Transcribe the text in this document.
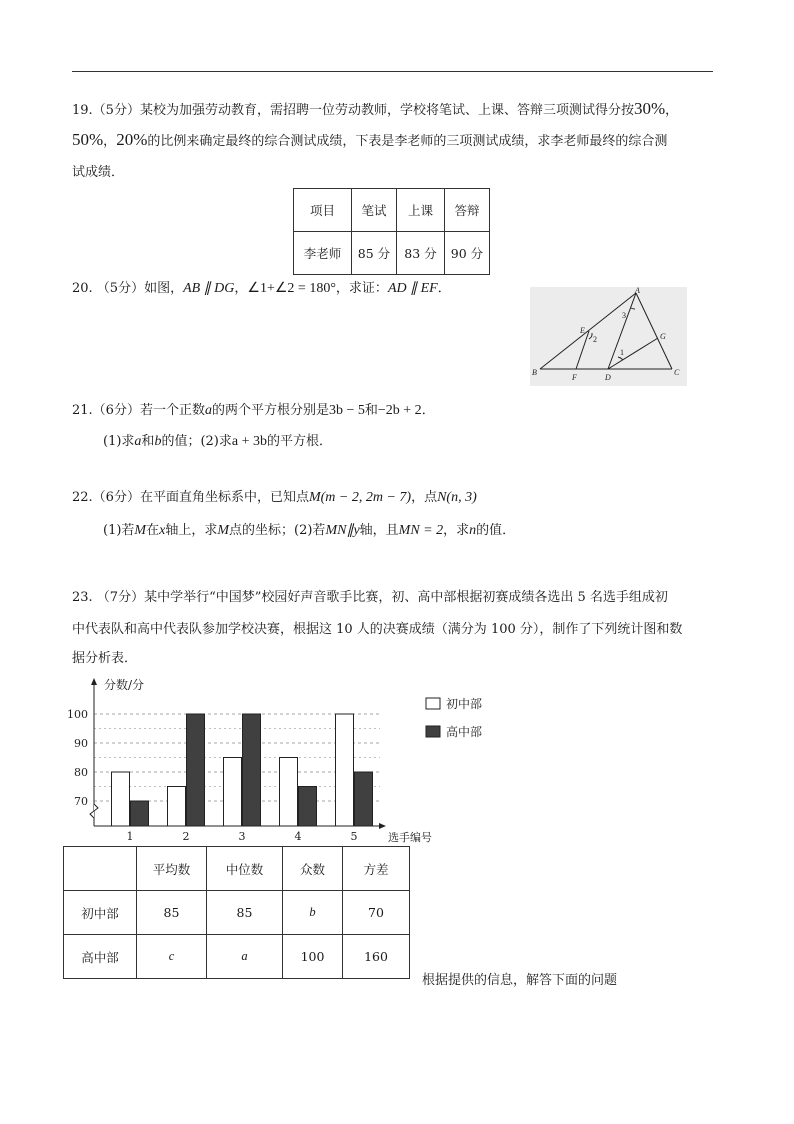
19.（5分）某校为加强劳动教育，需招聘一位劳动教师，学校将笔试、上课、答辩三项测试得分按30%，
50%，20%的比例来确定最终的综合测试成绩，下表是李老师的三项测试成绩，求李老师最终的综合测
试成绩．
项目	笔试	上课	答辩
李老师	85 分	83 分	90 分
20. （5分）如图，AB ∥ DG，∠1+∠2 = 180°，求证：AD ∥ EF．	A
B	C
D
E
F
G
1
2
3
21.（6分）若一个正数a的两个平方根分别是3b − 5和−2b + 2．
(1)求a和b的值；(2)求a + 3b的平方根．
22.（6分）在平面直角坐标系中，已知点M(m − 2, 2m − 7)，点N(n, 3)
(1)若M在x轴上，求M点的坐标；(2)若MN∥y轴，且MN = 2，求n的值．
23. （7分）某中学举行“中国梦”校园好声音歌手比赛，初、高中部根据初赛成绩各选出 5 名选手组成初
中代表队和高中代表队参加学校决赛，根据这 10 人的决赛成绩（满分为 100 分），制作了下列统计图和数
据分析表．
分数/分
选手编号
70
80
90
100
1	2	3	4	5
初中部
高中部
	平均数	中位数	众数	方差
初中部	85	85	b	70
高中部	c	a	100	160
根据提供的信息，解答下面的问题
